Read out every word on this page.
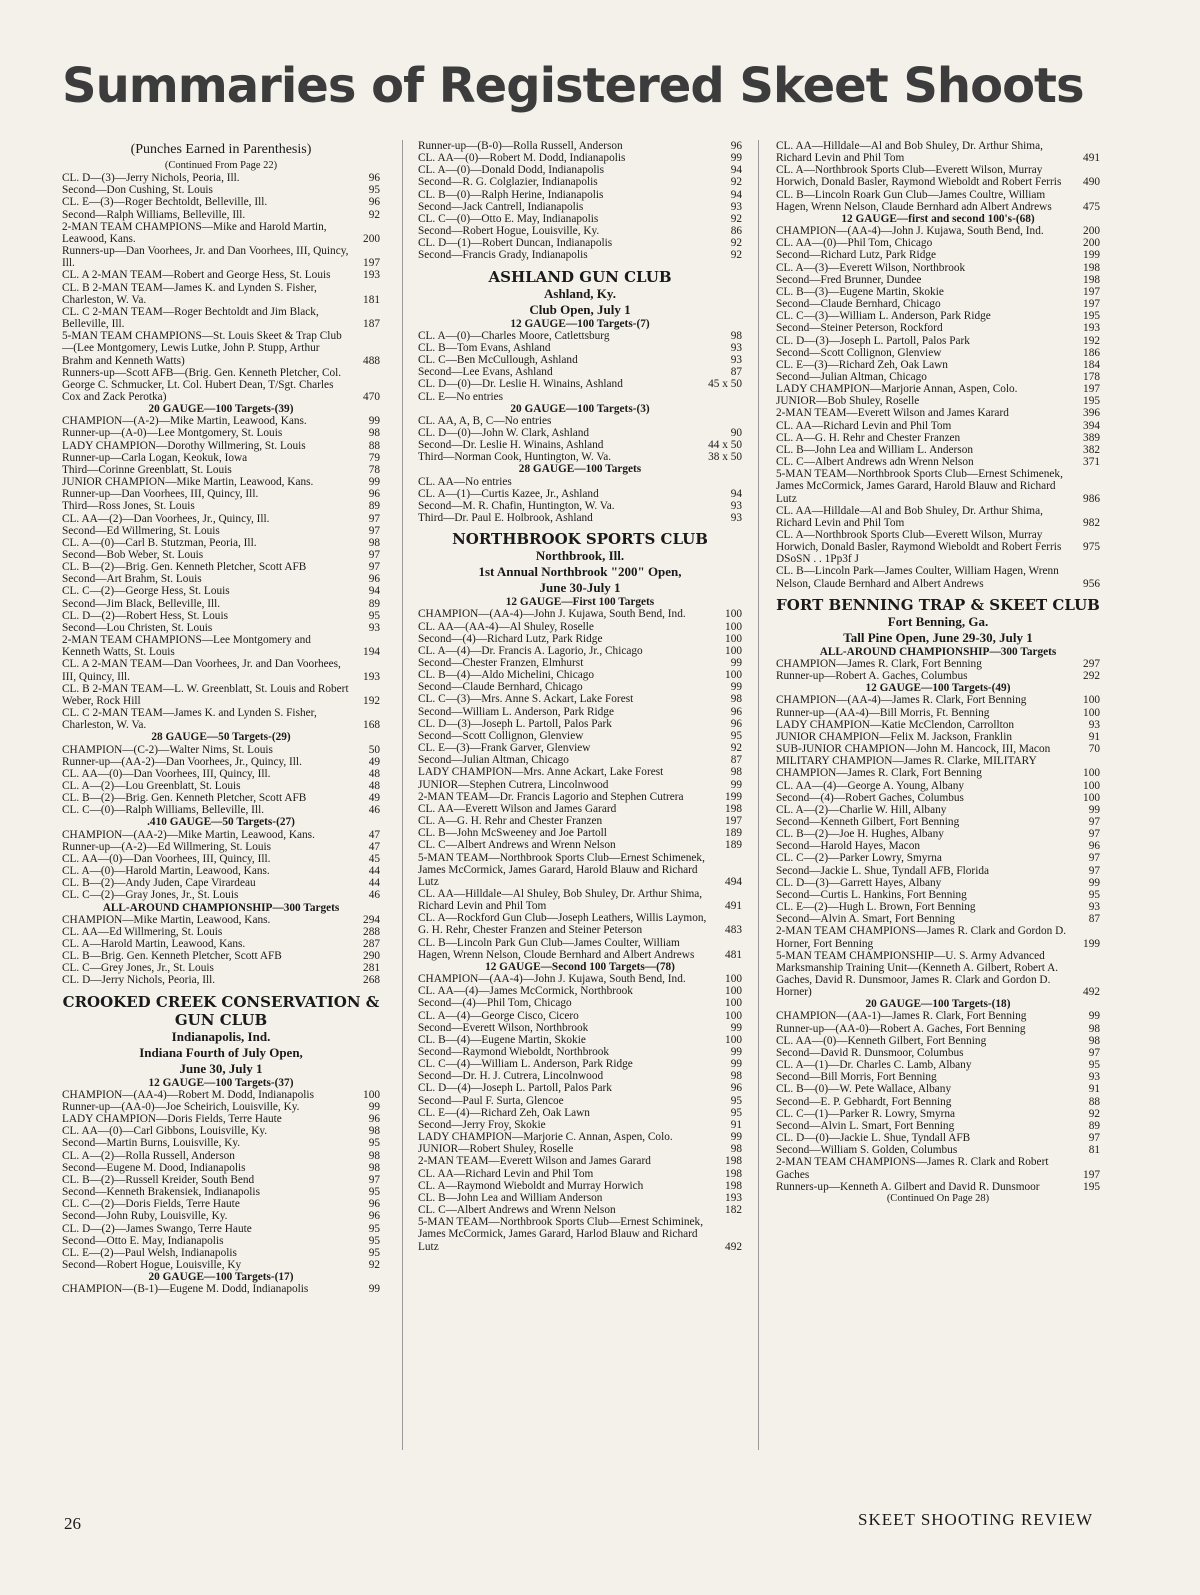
Summaries of Registered Skeet Shoots
(Punches Earned in Parenthesis)
(Continued From Page 22)
CL. D—(3)—Jerry Nichols, Peoria, Ill.	96
Second—Don Cushing, St. Louis	95
CL. E—(3)—Roger Bechtoldt, Belleville, Ill.	96
Second—Ralph Williams, Belleville, Ill.	92
2-MAN TEAM CHAMPIONS—Mike and Harold Martin, Leawood, Kans.	200
Runners-up—Dan Voorhees, Jr. and Dan Voorhees, III, Quincy, Ill.	197
CL. A 2-MAN TEAM—Robert and George Hess, St. Louis	193
CL. B 2-MAN TEAM—James K. and Lynden S. Fisher, Charleston, W. Va.	181
CL. C 2-MAN TEAM—Roger Bechtoldt and Jim Black, Belleville, Ill.	187
5-MAN TEAM CHAMPIONS—St. Louis Skeet & Trap Club—(Lee Montgomery, Lewis Lutke, John P. Stupp, Arthur Brahm and Kenneth Watts)	488
Runners-up—Scott AFB—(Brig. Gen. Kenneth Pletcher, Col. George C. Schmucker, Lt. Col. Hubert Dean, T/Sgt. Charles Cox and Zack Perotka)	470
20 GAUGE—100 Targets-(39)
CHAMPION—(A-2)—Mike Martin, Leawood, Kans.	99
Runner-up—(A-0)—Lee Montgomery, St. Louis	98
LADY CHAMPION—Dorothy Willmering, St. Louis	88
Runner-up—Carla Logan, Keokuk, Iowa	79
Third—Corinne Greenblatt, St. Louis	78
JUNIOR CHAMPION—Mike Martin, Leawood, Kans.	99
Runner-up—Dan Voorhees, III, Quincy, Ill.	96
Third—Ross Jones, St. Louis	89
CL. AA—(2)—Dan Voorhees, Jr., Quincy, Ill.	97
Second—Ed Willmering, St. Louis	97
CL. A—(0)—Carl B. Stutzman, Peoria, Ill.	98
Second—Bob Weber, St. Louis	97
CL. B—(2)—Brig. Gen. Kenneth Pletcher, Scott AFB	97
Second—Art Brahm, St. Louis	96
CL. C—(2)—George Hess, St. Louis	94
Second—Jim Black, Belleville, Ill.	89
CL. D—(2)—Robert Hess, St. Louis	95
Second—Lou Christen, St. Louis	93
2-MAN TEAM CHAMPIONS—Lee Montgomery and Kenneth Watts, St. Louis	194
CL. A 2-MAN TEAM—Dan Voorhees, Jr. and Dan Voorhees, III, Quincy, Ill.	193
CL. B 2-MAN TEAM—L. W. Greenblatt, St. Louis and Robert Weber, Rock Hill	192
CL. C 2-MAN TEAM—James K. and Lynden S. Fisher, Charleston, W. Va.	168
28 GAUGE—50 Targets-(29)
CHAMPION—(C-2)—Walter Nims, St. Louis	50
Runner-up—(AA-2)—Dan Voorhees, Jr., Quincy, Ill.	49
CL. AA—(0)—Dan Voorhees, III, Quincy, Ill.	48
CL. A—(2)—Lou Greenblatt, St. Louis	48
CL. B—(2)—Brig. Gen. Kenneth Pletcher, Scott AFB	49
CL. C—(0)—Ralph Williams, Belleville, Ill.	46
.410 GAUGE—50 Targets-(27)
CHAMPION—(AA-2)—Mike Martin, Leawood, Kans.	47
Runner-up—(A-2)—Ed Willmering, St. Louis	47
CL. AA—(0)—Dan Voorhees, III, Quincy, Ill.	45
CL. A—(0)—Harold Martin, Leawood, Kans.	44
CL. B—(2)—Andy Juden, Cape Virardeau	44
CL. C—(2)—Gray Jones, Jr., St. Louis	46
ALL-AROUND CHAMPIONSHIP—300 Targets
CHAMPION—Mike Martin, Leawood, Kans.	294
CL. AA—Ed Willmering, St. Louis	288
CL. A—Harold Martin, Leawood, Kans.	287
CL. B—Brig. Gen. Kenneth Pletcher, Scott AFB	290
CL. C—Grey Jones, Jr., St. Louis	281
CL. D—Jerry Nichols, Peoria, Ill.	268
CROOKED CREEK CONSERVATION & GUN CLUB
Indianapolis, Ind.
Indiana Fourth of July Open,
June 30, July 1
12 GAUGE—100 Targets-(37)
CHAMPION—(AA-4)—Robert M. Dodd, Indianapolis	100
Runner-up—(AA-0)—Joe Scheirich, Louisville, Ky.	99
LADY CHAMPION—Doris Fields, Terre Haute	96
CL. AA—(0)—Carl Gibbons, Louisville, Ky.	98
Second—Martin Burns, Louisville, Ky.	95
CL. A—(2)—Rolla Russell, Anderson	98
Second—Eugene M. Dood, Indianapolis	98
CL. B—(2)—Russell Kreider, South Bend	97
Second—Kenneth Brakensiek, Indianapolis	95
CL. C—(2)—Doris Fields, Terre Haute	96
Second—John Ruby, Louisville, Ky.	96
CL. D—(2)—James Swango, Terre Haute	95
Second—Otto E. May, Indianapolis	95
CL. E—(2)—Paul Welsh, Indianapolis	95
Second—Robert Hogue, Louisville, Ky	92
20 GAUGE—100 Targets-(17)
CHAMPION—(B-1)—Eugene M. Dodd, Indianapolis	99
Runner-up—(B-0)—Rolla Russell, Anderson	96
CL. AA—(0)—Robert M. Dodd, Indianapolis	99
CL. A—(0)—Donald Dodd, Indianapolis	94
Second—R. G. Colglazier, Indianapolis	92
CL. B—(0)—Ralph Herine, Indianapolis	94
Second—Jack Cantrell, Indianapolis	93
CL. C—(0)—Otto E. May, Indianapolis	92
Second—Robert Hogue, Louisville, Ky.	86
CL. D—(1)—Robert Duncan, Indianapolis	92
Second—Francis Grady, Indianapolis	92
ASHLAND GUN CLUB
Ashland, Ky.
Club Open, July 1
12 GAUGE—100 Targets-(7)
CL. A—(0)—Charles Moore, Catlettsburg	98
CL. B—Tom Evans, Ashland	93
CL. C—Ben McCullough, Ashland	93
Second—Lee Evans, Ashland	87
CL. D—(0)—Dr. Leslie H. Winains, Ashland	45 x 50
CL. E—No entries
20 GAUGE—100 Targets-(3)
CL. AA, A, B, C—No entries
CL. D—(0)—John W. Clark, Ashland	90
Second—Dr. Leslie H. Winains, Ashland	44 x 50
Third—Norman Cook, Huntington, W. Va.	38 x 50
28 GAUGE—100 Targets
CL. AA—No entries
CL. A—(1)—Curtis Kazee, Jr., Ashland	94
Second—M. R. Chafin, Huntington, W. Va.	93
Third—Dr. Paul E. Holbrook, Ashland	93
NORTHBROOK SPORTS CLUB
Northbrook, Ill.
1st Annual Northbrook "200" Open,
June 30-July 1
12 GAUGE—First 100 Targets
CHAMPION—(AA-4)—John J. Kujawa, South Bend, Ind.	100
CL. AA—(AA-4)—Al Shuley, Roselle	100
Second—(4)—Richard Lutz, Park Ridge	100
CL. A—(4)—Dr. Francis A. Lagorio, Jr., Chicago	100
Second—Chester Franzen, Elmhurst	99
CL. B—(4)—Aldo Michelini, Chicago	100
Second—Claude Bernhard, Chicago	99
CL. C—(3)—Mrs. Anne S. Ackart, Lake Forest	98
Second—William L. Anderson, Park Ridge	96
CL. D—(3)—Joseph L. Partoll, Palos Park	96
Second—Scott Collignon, Glenview	95
CL. E—(3)—Frank Garver, Glenview	92
Second—Julian Altman, Chicago	87
LADY CHAMPION—Mrs. Anne Ackart, Lake Forest	98
JUNIOR—Stephen Cutrera, Lincolnwood	99
2-MAN TEAM—Dr. Francis Lagorio and Stephen Cutrera	199
CL. AA—Everett Wilson and James Garard	198
CL. A—G. H. Rehr and Chester Franzen	197
CL. B—John McSweeney and Joe Partoll	189
CL. C—Albert Andrews and Wrenn Nelson	189
5-MAN TEAM—Northbrook Sports Club—Ernest Schimenek, James McCormick, James Garard, Harold Blauw and Richard Lutz	494
CL. AA—Hilldale—Al Shuley, Bob Shuley, Dr. Arthur Shima, Richard Levin and Phil Tom	491
CL. A—Rockford Gun Club—Joseph Leathers, Willis Laymon, G. H. Rehr, Chester Franzen and Steiner Peterson	483
CL. B—Lincoln Park Gun Club—James Coulter, William Hagen, Wrenn Nelson, Cloude Bernhard and Albert Andrews	481
12 GAUGE—Second 100 Targets—(78)
CHAMPION—(AA-4)—John J. Kujawa, South Bend, Ind.	100
CL. AA—(4)—James McCormick, Northbrook	100
Second—(4)—Phil Tom, Chicago	100
CL. A—(4)—George Cisco, Cicero	100
Second—Everett Wilson, Northbrook	99
CL. B—(4)—Eugene Martin, Skokie	100
Second—Raymond Wieboldt, Northbrook	99
CL. C—(4)—William L. Anderson, Park Ridge	99
Second—Dr. H. J. Cutrera, Lincolnwood	98
CL. D—(4)—Joseph L. Partoll, Palos Park	96
Second—Paul F. Surta, Glencoe	95
CL. E—(4)—Richard Zeh, Oak Lawn	95
Second—Jerry Froy, Skokie	91
LADY CHAMPION—Marjorie C. Annan, Aspen, Colo.	99
JUNIOR—Robert Shuley, Roselle	98
2-MAN TEAM—Everett Wilson and James Garard	198
CL. AA—Richard Levin and Phil Tom	198
CL. A—Raymond Wieboldt and Murray Horwich	198
CL. B—John Lea and William Anderson	193
CL. C—Albert Andrews and Wrenn Nelson	182
5-MAN TEAM—Northbrook Sports Club—Ernest Schiminek, James McCormick, James Garard, Harlod Blauw and Richard Lutz	492
CL. AA—Hilldale—Al and Bob Shuley, Dr. Arthur Shima, Richard Levin and Phil Tom	491
CL. A—Northbrook Sports Club—Everett Wilson, Murray Horwich, Donald Basler, Raymond Wieboldt and Robert Ferris 490
CL. B—Lincoln Roark Gun Club—James Coultre, William Hagen, Wrenn Nelson, Claude Bernhard adn Albert Andrews	475
12 GAUGE—first and second 100's-(68)
CHAMPION—(AA-4)—John J. Kujawa, South Bend, Ind.	200
CL. AA—(0)—Phil Tom, Chicago	200
Second—Richard Lutz, Park Ridge	199
CL. A—(3)—Everett Wilson, Northbrook	198
Second—Fred Brunner, Dundee	198
CL. B—(3)—Eugene Martin, Skokie	197
Second—Claude Bernhard, Chicago	197
CL. C—(3)—William L. Anderson, Park Ridge	195
Second—Steiner Peterson, Rockford	193
CL. D—(3)—Joseph L. Partoll, Palos Park	192
Second—Scott Collignon, Glenview	186
CL. E—(3)—Richard Zeh, Oak Lawn	184
Second—Julian Altman, Chicago	178
LADY CHAMPION—Marjorie Annan, Aspen, Colo.	197
JUNIOR—Bob Shuley, Roselle	195
2-MAN TEAM—Everett Wilson and James Karard	396
CL. AA—Richard Levin and Phil Tom	394
CL. A—G. H. Rehr and Chester Franzen	389
CL. B—John Lea and William L. Anderson	382
CL. C—Albert Andrews adn Wrenn Nelson	371
5-MAN TEAM—Northbrook Sports Club—Ernest Schimenek, James McCormick, James Garard, Harold Blauw and Richard Lutz	986
CL. AA—Hilldale—Al and Bob Shuley, Dr. Arthur Shima, Richard Levin and Phil Tom	982
CL. A—Northbrook Sports Club—Everett Wilson, Murray Horwich, Donald Basler, Raymond Wieboldt and Robert Ferris 975
DSoSN . . 1Pp3f J
CL. B—Lincoln Park—James Coulter, William Hagen, Wrenn Nelson, Claude Bernhard and Albert Andrews	956
FORT BENNING TRAP & SKEET CLUB
Fort Benning, Ga.
Tall Pine Open, June 29-30, July 1
ALL-AROUND CHAMPIONSHIP—300 Targets
CHAMPION—James R. Clark, Fort Benning	297
Runner-up—Robert A. Gaches, Columbus	292
12 GAUGE—100 Targets-(49)
CHAMPION—(AA-4)—James R. Clark, Fort Benning	100
Runner-up—(AA-4)—Bill Morris, Ft. Benning	100
LADY CHAMPION—Katie McClendon, Carrollton	93
JUNIOR CHAMPION—Felix M. Jackson, Franklin	91
SUB-JUNIOR CHAMPION—John M. Hancock, III, Macon	70
MILITARY CHAMPION—James R. Clarke, MILITARY CHAMPION—James R. Clark, Fort Benning	100
CL. AA—(4)—George A. Young, Albany	100
Second—(4)—Robert Gaches, Columbus	100
CL. A—(2)—Charlie W. Hill, Albany	99
Second—Kenneth Gilbert, Fort Benning	97
CL. B—(2)—Joe H. Hughes, Albany	97
Second—Harold Hayes, Macon	96
CL. C—(2)—Parker Lowry, Smyrna	97
Second—Jackie L. Shue, Tyndall AFB, Florida	97
CL. D—(3)—Garrett Hayes, Albany	99
Second—Curtis L. Hankins, Fort Benning	95
CL. E—(2)—Hugh L. Brown, Fort Benning	93
Second—Alvin A. Smart, Fort Benning	87
2-MAN TEAM CHAMPIONS—James R. Clark and Gordon D. Horner, Fort Benning	199
5-MAN TEAM CHAMPIONSHIP—U. S. Army Advanced Marksmanship Training Unit—(Kenneth A. Gilbert, Robert A. Gaches, David R. Dunsmoor, James R. Clark and Gordon D. Horner)	492
20 GAUGE—100 Targets-(18)
CHAMPION—(AA-1)—James R. Clark, Fort Benning	99
Runner-up—(AA-0)—Robert A. Gaches, Fort Benning	98
CL. AA—(0)—Kenneth Gilbert, Fort Benning	98
Second—David R. Dunsmoor, Columbus	97
CL. A—(1)—Dr. Charles C. Lamb, Albany	95
Second—Bill Morris, Fort Benning	93
CL. B—(0)—W. Pete Wallace, Albany	91
Second—E. P. Gebhardt, Fort Benning	88
CL. C—(1)—Parker R. Lowry, Smyrna	92
Second—Alvin L. Smart, Fort Benning	89
CL. D—(0)—Jackie L. Shue, Tyndall AFB	97
Second—William S. Golden, Columbus	81
2-MAN TEAM CHAMPIONS—James R. Clark and Robert Gaches	197
Runners-up—Kenneth A. Gilbert and David R. Dunsmoor	195
(Continued On Page 28)
26	SKEET SHOOTING REVIEW
